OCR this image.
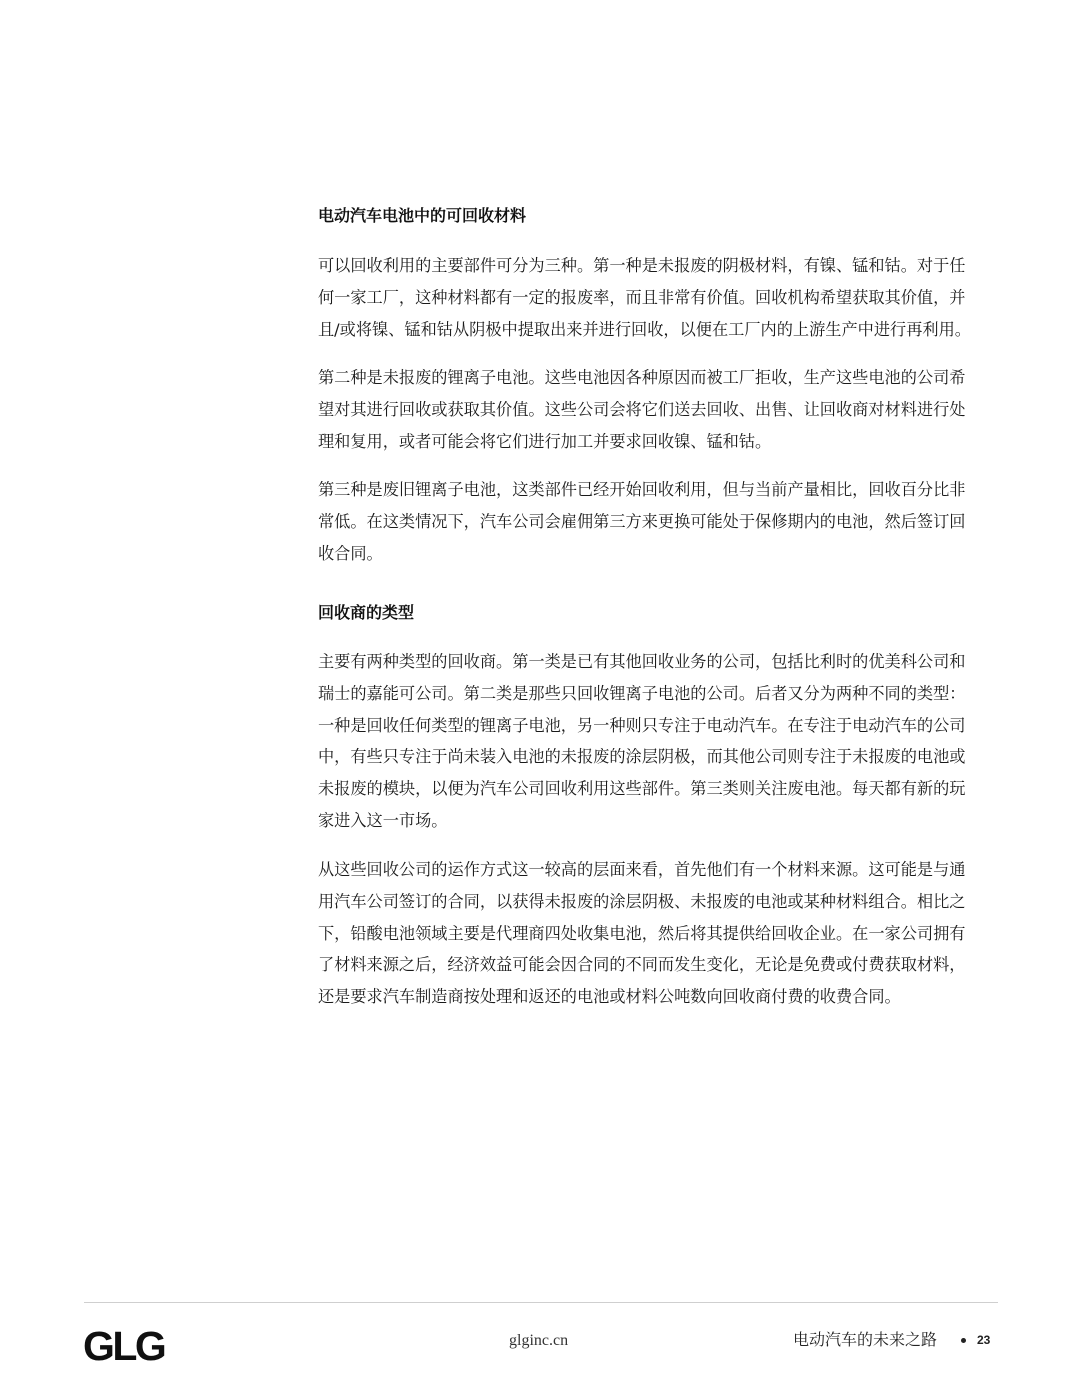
电动汽车电池中的可回收材料
可以回收利用的主要部件可分为三种。第一种是未报废的阴极材料，有镍、锰和钴。对于任
何一家工厂，这种材料都有一定的报废率，而且非常有价值。回收机构希望获取其价值，并
且/或将镍、锰和钴从阴极中提取出来并进行回收，以便在工厂内的上游生产中进行再利用。
第二种是未报废的锂离子电池。这些电池因各种原因而被工厂拒收，生产这些电池的公司希
望对其进行回收或获取其价值。这些公司会将它们送去回收、出售、让回收商对材料进行处
理和复用，或者可能会将它们进行加工并要求回收镍、锰和钴。
第三种是废旧锂离子电池，这类部件已经开始回收利用，但与当前产量相比，回收百分比非
常低。在这类情况下，汽车公司会雇佣第三方来更换可能处于保修期内的电池，然后签订回
收合同。
回收商的类型
主要有两种类型的回收商。第一类是已有其他回收业务的公司，包括比利时的优美科公司和
瑞士的嘉能可公司。第二类是那些只回收锂离子电池的公司。后者又分为两种不同的类型：
一种是回收任何类型的锂离子电池，另一种则只专注于电动汽车。在专注于电动汽车的公司
中，有些只专注于尚未装入电池的未报废的涂层阴极，而其他公司则专注于未报废的电池或
未报废的模块，以便为汽车公司回收利用这些部件。第三类则关注废电池。每天都有新的玩
家进入这一市场。
从这些回收公司的运作方式这一较高的层面来看，首先他们有一个材料来源。这可能是与通
用汽车公司签订的合同，以获得未报废的涂层阴极、未报废的电池或某种材料组合。相比之
下，铅酸电池领域主要是代理商四处收集电池，然后将其提供给回收企业。在一家公司拥有
了材料来源之后，经济效益可能会因合同的不同而发生变化，无论是免费或付费获取材料，
还是要求汽车制造商按处理和返还的电池或材料公吨数向回收商付费的收费合同。
GLG	glginc.cn	电动汽车的未来之路	23
